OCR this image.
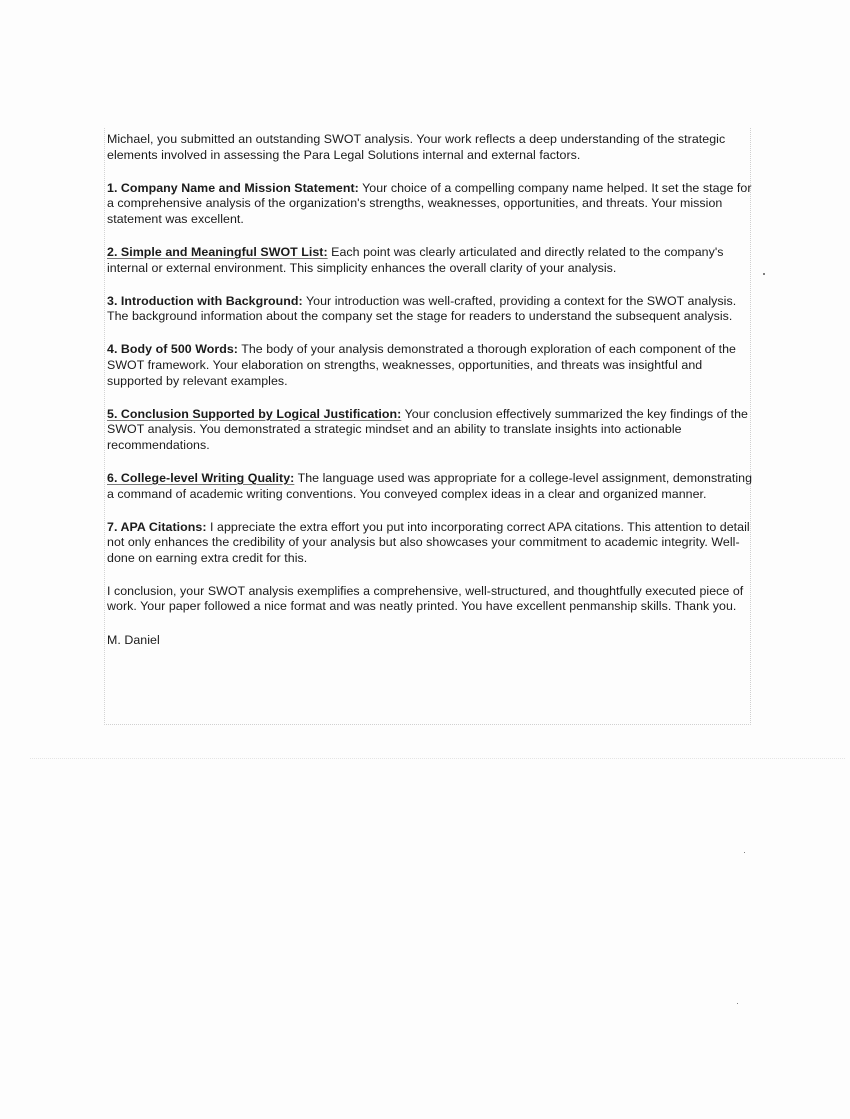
Michael, you submitted an outstanding SWOT analysis. Your work reflects a deep understanding of the strategic elements involved in assessing the Para Legal Solutions internal and external factors.

1. Company Name and Mission Statement: Your choice of a compelling company name helped. It set the stage for a comprehensive analysis of the organization's strengths, weaknesses, opportunities, and threats. Your mission statement was excellent.

2. Simple and Meaningful SWOT List: Each point was clearly articulated and directly related to the company's internal or external environment. This simplicity enhances the overall clarity of your analysis.

3. Introduction with Background: Your introduction was well-crafted, providing a context for the SWOT analysis. The background information about the company set the stage for readers to understand the subsequent analysis.

4. Body of 500 Words: The body of your analysis demonstrated a thorough exploration of each component of the SWOT framework. Your elaboration on strengths, weaknesses, opportunities, and threats was insightful and supported by relevant examples.

5. Conclusion Supported by Logical Justification: Your conclusion effectively summarized the key findings of the SWOT analysis. You demonstrated a strategic mindset and an ability to translate insights into actionable recommendations.

6. College-level Writing Quality: The language used was appropriate for a college-level assignment, demonstrating a command of academic writing conventions. You conveyed complex ideas in a clear and organized manner.

7. APA Citations: I appreciate the extra effort you put into incorporating correct APA citations. This attention to detail not only enhances the credibility of your analysis but also showcases your commitment to academic integrity. Well-done on earning extra credit for this.

I conclusion, your SWOT analysis exemplifies a comprehensive, well-structured, and thoughtfully executed piece of work. Your paper followed a nice format and was neatly printed. You have excellent penmanship skills. Thank you.

M. Daniel
